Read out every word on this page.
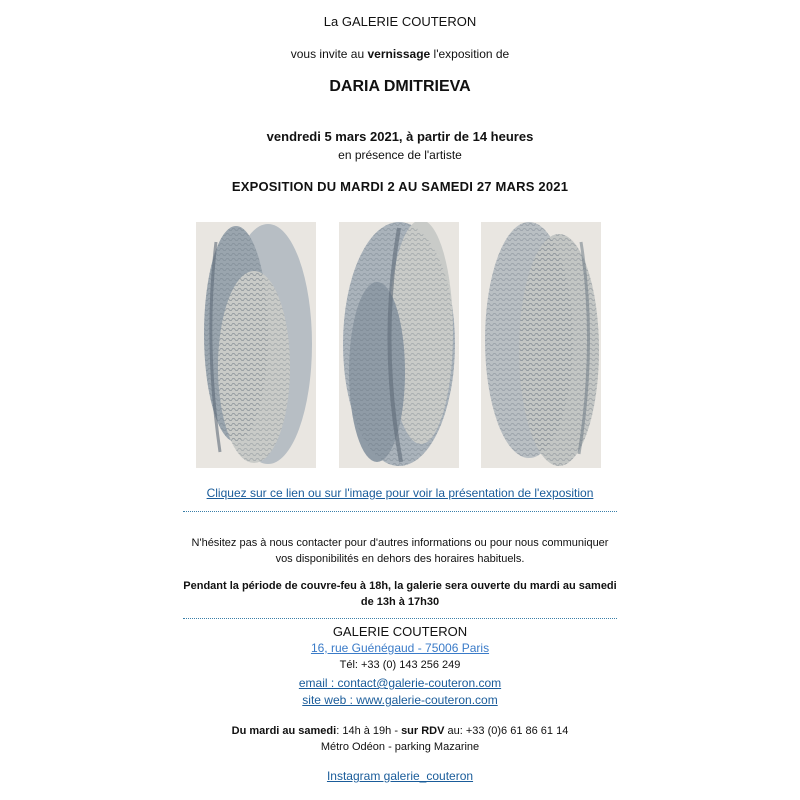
La GALERIE COUTERON

vous invite au vernissage l'exposition de

DARIA DMITRIEVA

vendredi 5 mars 2021, à partir de 14 heures

en présence de l'artiste

EXPOSITION DU MARDI 2 AU SAMEDI 27 MARS 2021

Cliquez sur ce lien ou sur l'image pour voir la présentation de l'exposition

N'hésitez pas à nous contacter pour d'autres informations ou pour nous communiquer
vos disponibilités en dehors des horaires habituels.

Pendant la période de couvre-feu à 18h, la galerie sera ouverte du mardi au samedi
de 13h à 17h30

GALERIE COUTERON

16, rue Guénégaud - 75006 Paris

Tél: +33 (0) 143 256 249

email : contact@galerie-couteron.com

site web : www.galerie-couteron.com

Du mardi au samedi: 14h à 19h - sur RDV au: +33 (0)6 61 86 61 14

Métro Odéon - parking Mazarine

Instagram galerie_couteron
